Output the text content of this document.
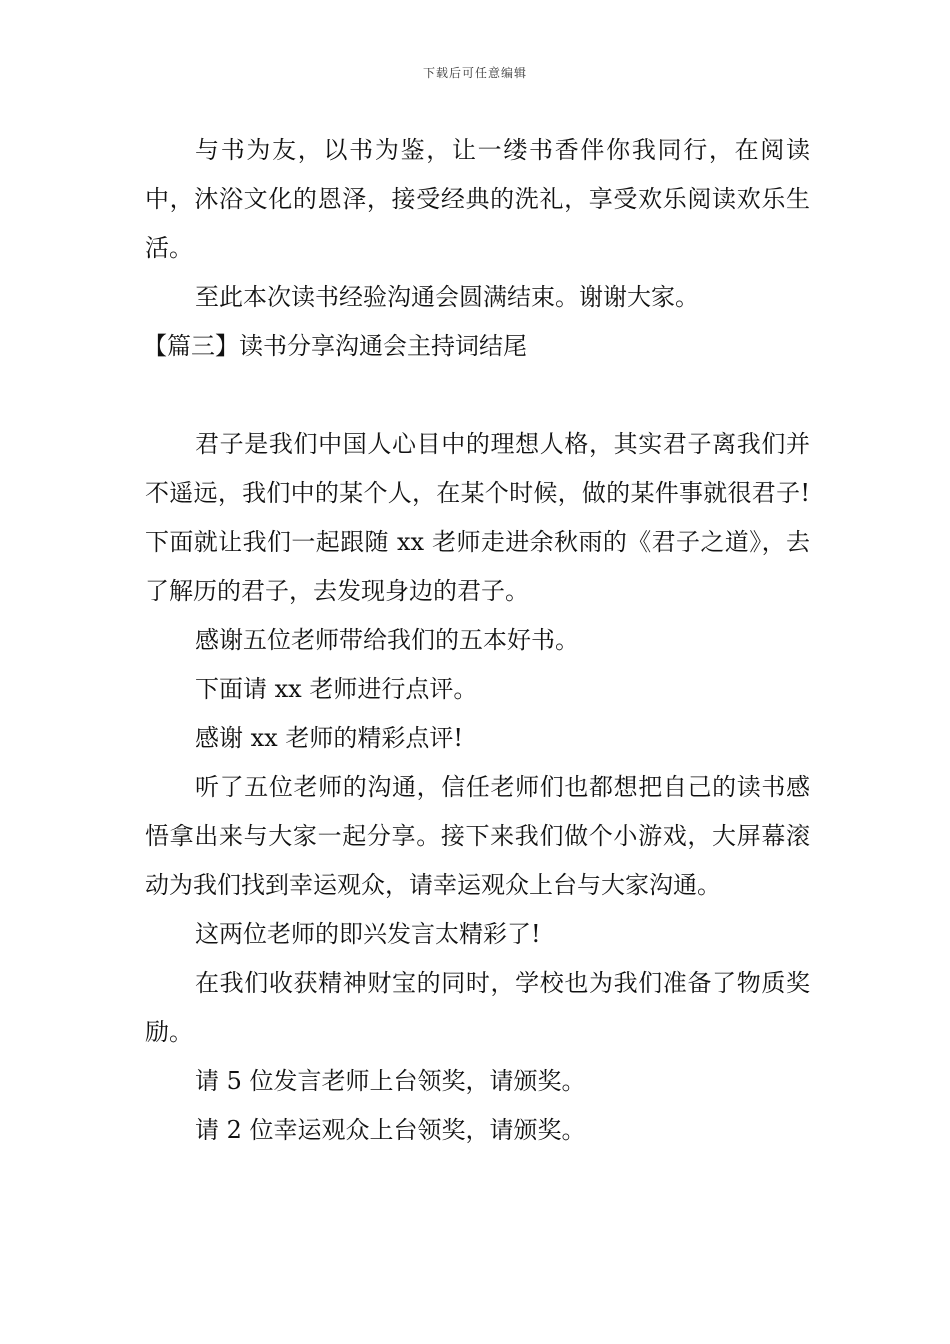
下载后可任意编辑

与书为友，以书为鉴，让一缕书香伴你我同行，在阅读中，沐浴文化的恩泽，接受经典的洗礼，享受欢乐阅读欢乐生活。

至此本次读书经验沟通会圆满结束。谢谢大家。

【篇三】读书分享沟通会主持词结尾

君子是我们中国人心目中的理想人格，其实君子离我们并不遥远，我们中的某个人，在某个时候，做的某件事就很君子!下面就让我们一起跟随 xx 老师走进余秋雨的《君子之道》，去了解历的君子，去发现身边的君子。

感谢五位老师带给我们的五本好书。

下面请 xx 老师进行点评。

感谢 xx 老师的精彩点评!

听了五位老师的沟通，信任老师们也都想把自己的读书感悟拿出来与大家一起分享。接下来我们做个小游戏，大屏幕滚动为我们找到幸运观众，请幸运观众上台与大家沟通。

这两位老师的即兴发言太精彩了!

在我们收获精神财宝的同时，学校也为我们准备了物质奖励。

请 5 位发言老师上台领奖，请颁奖。

请 2 位幸运观众上台领奖，请颁奖。
